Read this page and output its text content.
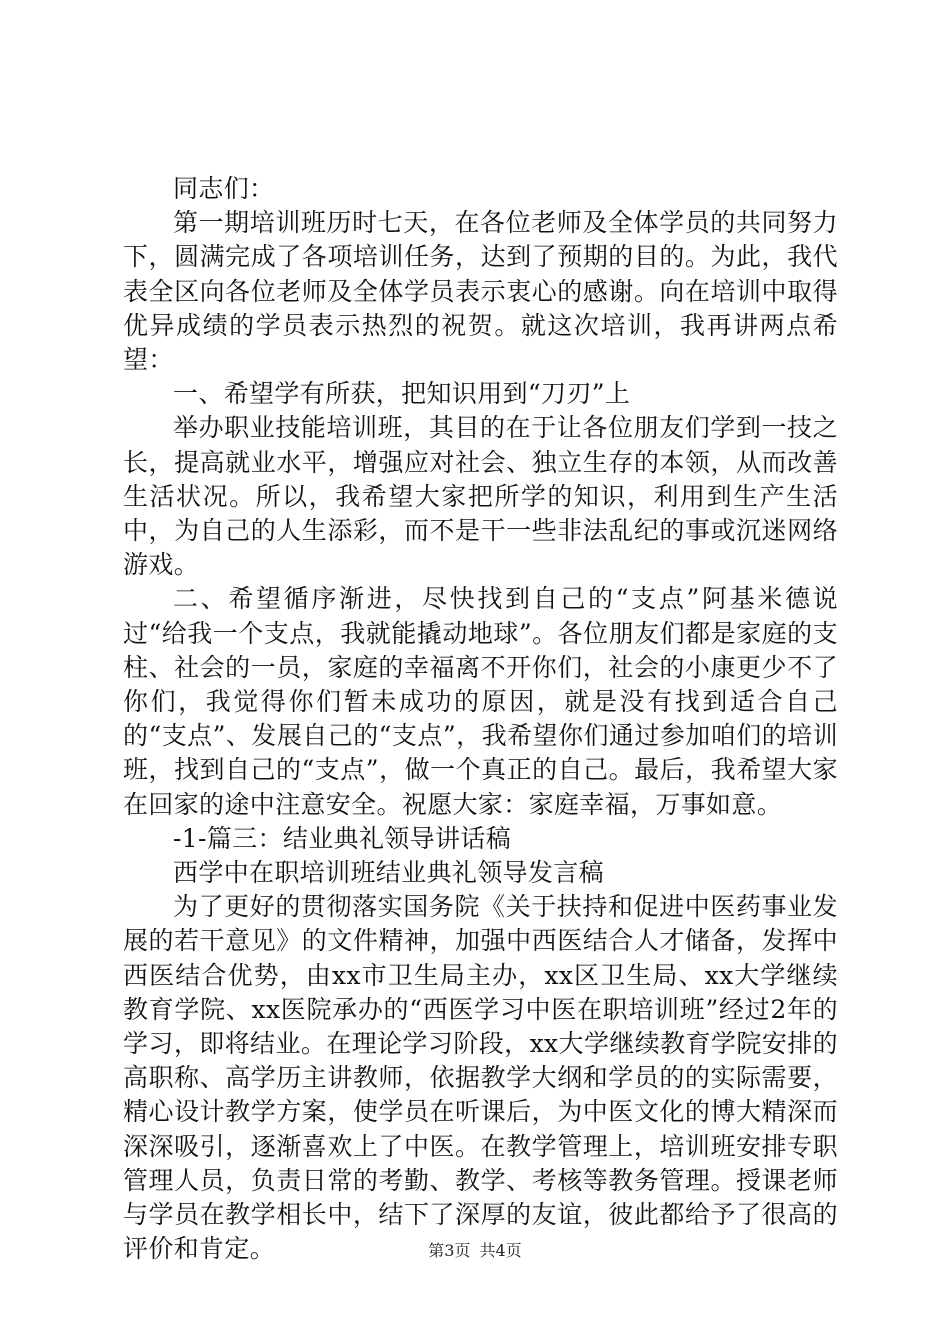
同志们：

第一期培训班历时七天，在各位老师及全体学员的共同努力下，圆满完成了各项培训任务，达到了预期的目的。为此，我代表全区向各位老师及全体学员表示衷心的感谢。向在培训中取得优异成绩的学员表示热烈的祝贺。就这次培训，我再讲两点希望：

一、希望学有所获，把知识用到“刀刃”上

举办职业技能培训班，其目的在于让各位朋友们学到一技之长，提高就业水平，增强应对社会、独立生存的本领，从而改善生活状况。所以，我希望大家把所学的知识，利用到生产生活中，为自己的人生添彩，而不是干一些非法乱纪的事或沉迷网络游戏。

二、希望循序渐进，尽快找到自己的“支点”阿基米德说过“给我一个支点，我就能撬动地球”。各位朋友们都是家庭的支柱、社会的一员，家庭的幸福离不开你们，社会的小康更少不了你们，我觉得你们暂未成功的原因，就是没有找到适合自己的“支点”、发展自己的“支点”，我希望你们通过参加咱们的培训班，找到自己的“支点”，做一个真正的自己。最后，我希望大家在回家的途中注意安全。祝愿大家：家庭幸福，万事如意。

-1-篇三：结业典礼领导讲话稿

西学中在职培训班结业典礼领导发言稿

为了更好的贯彻落实国务院《关于扶持和促进中医药事业发展的若干意见》的文件精神，加强中西医结合人才储备，发挥中西医结合优势，由xx市卫生局主办，xx区卫生局、xx大学继续教育学院、xx医院承办的“西医学习中医在职培训班”经过2年的学习，即将结业。在理论学习阶段，xx大学继续教育学院安排的高职称、高学历主讲教师，依据教学大纲和学员的的实际需要，精心设计教学方案，使学员在听课后，为中医文化的博大精深而深深吸引，逐渐喜欢上了中医。在教学管理上，培训班安排专职管理人员，负责日常的考勤、教学、考核等教务管理。授课老师与学员在教学相长中，结下了深厚的友谊，彼此都给予了很高的评价和肯定。	第3页 共4页
